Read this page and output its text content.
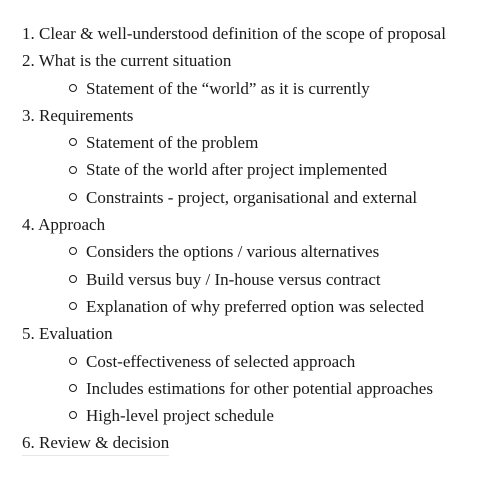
1. Clear & well-understood definition of the scope of proposal
2. What is the current situation
Statement of the “world” as it is currently
3. Requirements
Statement of the problem
State of the world after project implemented
Constraints - project, organisational and external
4. Approach
Considers the options / various alternatives
Build versus buy / In-house versus contract
Explanation of why preferred option was selected
5. Evaluation
Cost-effectiveness of selected approach
Includes estimations for other potential approaches
High-level project schedule
6. Review & decision
